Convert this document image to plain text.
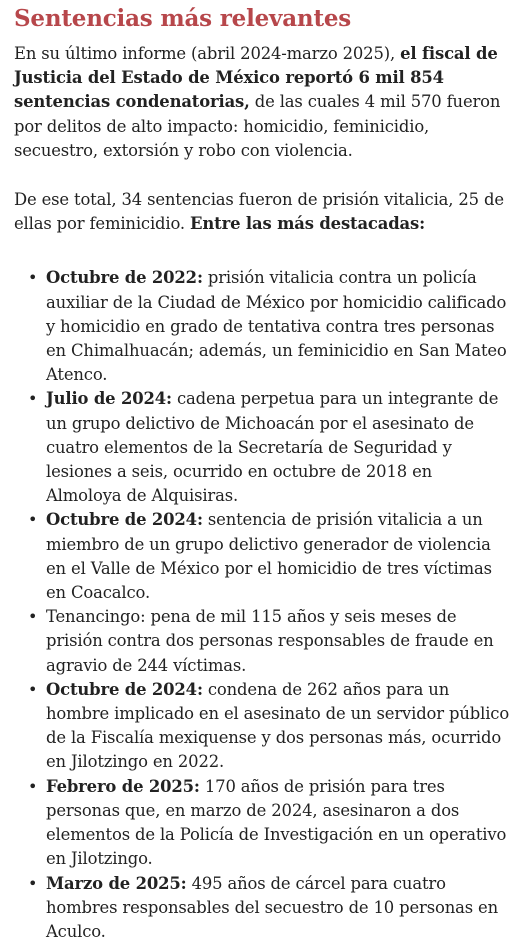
Sentencias más relevantes

En su último informe (abril 2024-marzo 2025), el fiscal de Justicia del Estado de México reportó 6 mil 854 sentencias condenatorias, de las cuales 4 mil 570 fueron por delitos de alto impacto: homicidio, feminicidio, secuestro, extorsión y robo con violencia.

De ese total, 34 sentencias fueron de prisión vitalicia, 25 de ellas por feminicidio. Entre las más destacadas:

• Octubre de 2022: prisión vitalicia contra un policía auxiliar de la Ciudad de México por homicidio calificado y homicidio en grado de tentativa contra tres personas en Chimalhuacán; además, un feminicidio en San Mateo Atenco.
• Julio de 2024: cadena perpetua para un integrante de un grupo delictivo de Michoacán por el asesinato de cuatro elementos de la Secretaría de Seguridad y lesiones a seis, ocurrido en octubre de 2018 en Almoloya de Alquisiras.
• Octubre de 2024: sentencia de prisión vitalicia a un miembro de un grupo delictivo generador de violencia en el Valle de México por el homicidio de tres víctimas en Coacalco.
• Tenancingo: pena de mil 115 años y seis meses de prisión contra dos personas responsables de fraude en agravio de 244 víctimas.
• Octubre de 2024: condena de 262 años para un hombre implicado en el asesinato de un servidor público de la Fiscalía mexiquense y dos personas más, ocurrido en Jilotzingo en 2022.
• Febrero de 2025: 170 años de prisión para tres personas que, en marzo de 2024, asesinaron a dos elementos de la Policía de Investigación en un operativo en Jilotzingo.
• Marzo de 2025: 495 años de cárcel para cuatro hombres responsables del secuestro de 10 personas en Aculco.
